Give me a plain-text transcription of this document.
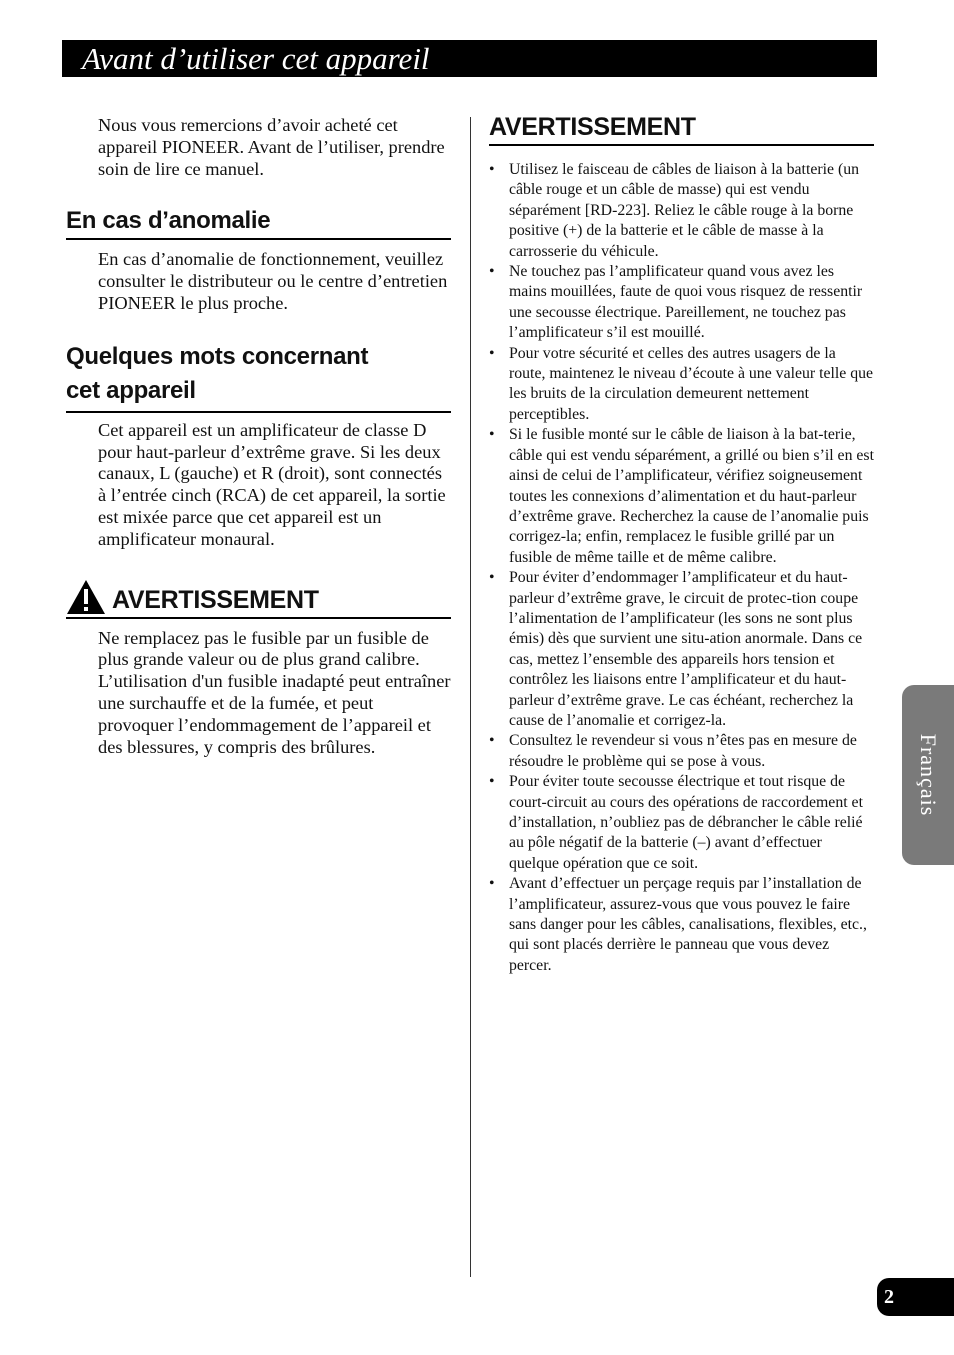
Avant d’utiliser cet appareil

Nous vous remercions d’avoir acheté cet appareil PIONEER. Avant de l’utiliser, prendre soin de lire ce manuel.

En cas d’anomalie

En cas d’anomalie de fonctionnement, veuillez consulter le distributeur ou le centre d’entretien PIONEER le plus proche.

Quelques mots concernant
cet appareil

Cet appareil est un amplificateur de classe D pour haut-parleur d’extrême grave. Si les deux canaux, L (gauche) et R (droit), sont connectés à l’entrée cinch (RCA) de cet appareil, la sortie est mixée parce que cet appareil est un amplificateur monaural.

AVERTISSEMENT

Ne remplacez pas le fusible par un fusible de plus grande valeur ou de plus grand calibre. L’utilisation d'un fusible inadapté peut entraîner une surchauffe et de la fumée, et peut provoquer l’endommagement de l’appareil et des blessures, y compris des brûlures.

AVERTISSEMENT
• Utilisez le faisceau de câbles de liaison à la batterie (un câble rouge et un câble de masse) qui est vendu séparément [RD-223]. Reliez le câble rouge à la borne positive (+) de la batterie et le câble de masse à la carrosserie du véhicule.
• Ne touchez pas l’amplificateur quand vous avez les mains mouillées, faute de quoi vous risquez de ressentir une secousse électrique. Pareillement, ne touchez pas l’amplificateur s’il est mouillé.
• Pour votre sécurité et celles des autres usagers de la route, maintenez le niveau d’écoute à une valeur telle que les bruits de la circulation demeurent nettement perceptibles.
• Si le fusible monté sur le câble de liaison à la bat-terie, câble qui est vendu séparément, a grillé ou bien s’il en est ainsi de celui de l’amplificateur, vérifiez soigneusement toutes les connexions d’alimentation et du haut-parleur d’extrême grave. Recherchez la cause de l’anomalie puis corrigez-la; enfin, remplacez le fusible grillé par un fusible de même taille et de même calibre.
• Pour éviter d’endommager l’amplificateur et du haut-parleur d’extrême grave, le circuit de protec-tion coupe l’alimentation de l’amplificateur (les sons ne sont plus émis) dès que survient une situ-ation anormale. Dans ce cas, mettez l’ensemble des appareils hors tension et contrôlez les liaisons entre l’amplificateur et du haut-parleur d’extrême grave. Le cas échéant, recherchez la cause de l’anomalie et corrigez-la.
• Consultez le revendeur si vous n’êtes pas en mesure de résoudre le problème qui se pose à vous.
• Pour éviter toute secousse électrique et tout risque de court-circuit au cours des opérations de raccordement et d’installation, n’oubliez pas de débrancher le câble relié au pôle négatif de la batterie (–) avant d’effectuer quelque opération que ce soit.
• Avant d’effectuer un perçage requis par l’installation de l’amplificateur, assurez-vous que vous pouvez le faire sans danger pour les câbles, canalisations, flexibles, etc., qui sont placés derrière le panneau que vous devez percer.
Français
2
